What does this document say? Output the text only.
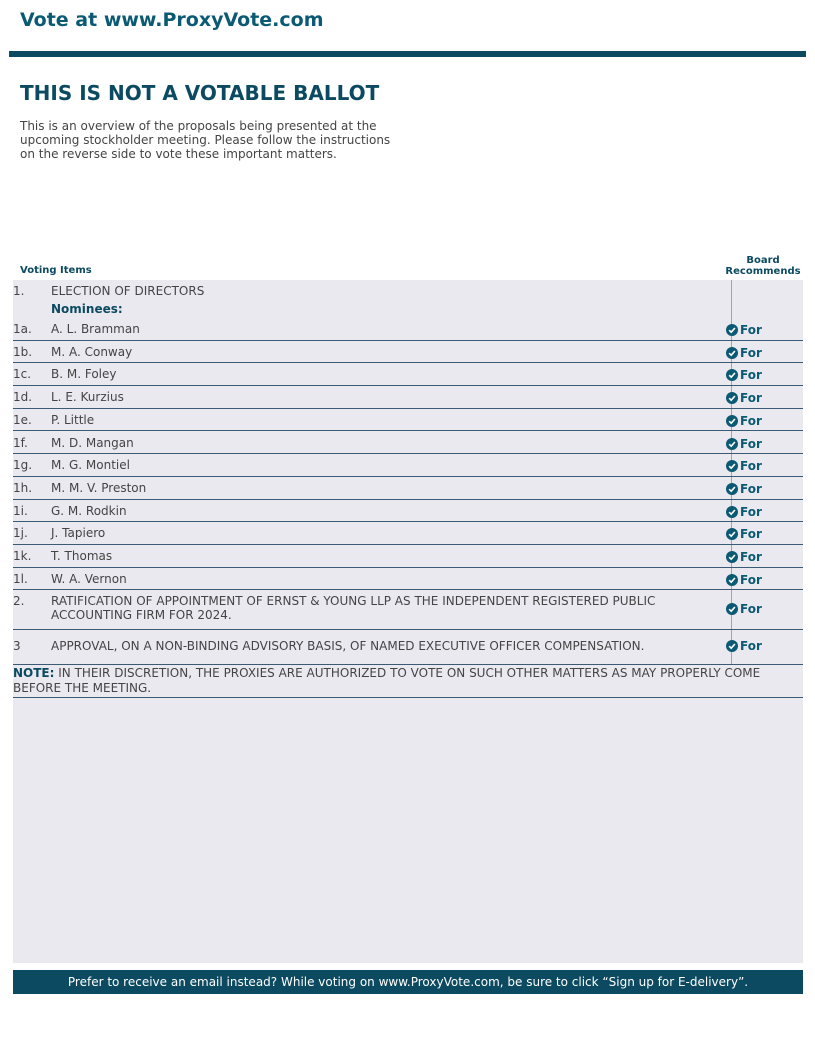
Vote at www.ProxyVote.com
THIS IS NOT A VOTABLE BALLOT

This is an overview of the proposals being presented at the upcoming stockholder meeting. Please follow the instructions on the reverse side to vote these important matters.

Voting Items
Board
Recommends
1. ELECTION OF DIRECTORS
Nominees:
1a. A. L. Bramman	For
1b. M. A. Conway	For
1c. B. M. Foley	For
1d. L. E. Kurzius	For
1e. P. Little	For
1f. M. D. Mangan	For
1g. M. G. Montiel	For
1h. M. M. V. Preston	For
1i. G. M. Rodkin	For
1j. J. Tapiero	For
1k. T. Thomas	For
1l. W. A. Vernon	For
2. RATIFICATION OF APPOINTMENT OF ERNST & YOUNG LLP AS THE INDEPENDENT REGISTERED PUBLIC
ACCOUNTING FIRM FOR 2024.	For
3	APPROVAL, ON A NON-BINDING ADVISORY BASIS, OF NAMED EXECUTIVE OFFICER COMPENSATION.	For
NOTE: IN THEIR DISCRETION, THE PROXIES ARE AUTHORIZED TO VOTE ON SUCH OTHER MATTERS AS MAY PROPERLY COME BEFORE THE MEETING.
Prefer to receive an email instead? While voting on www.ProxyVote.com, be sure to click “Sign up for E-delivery”.
